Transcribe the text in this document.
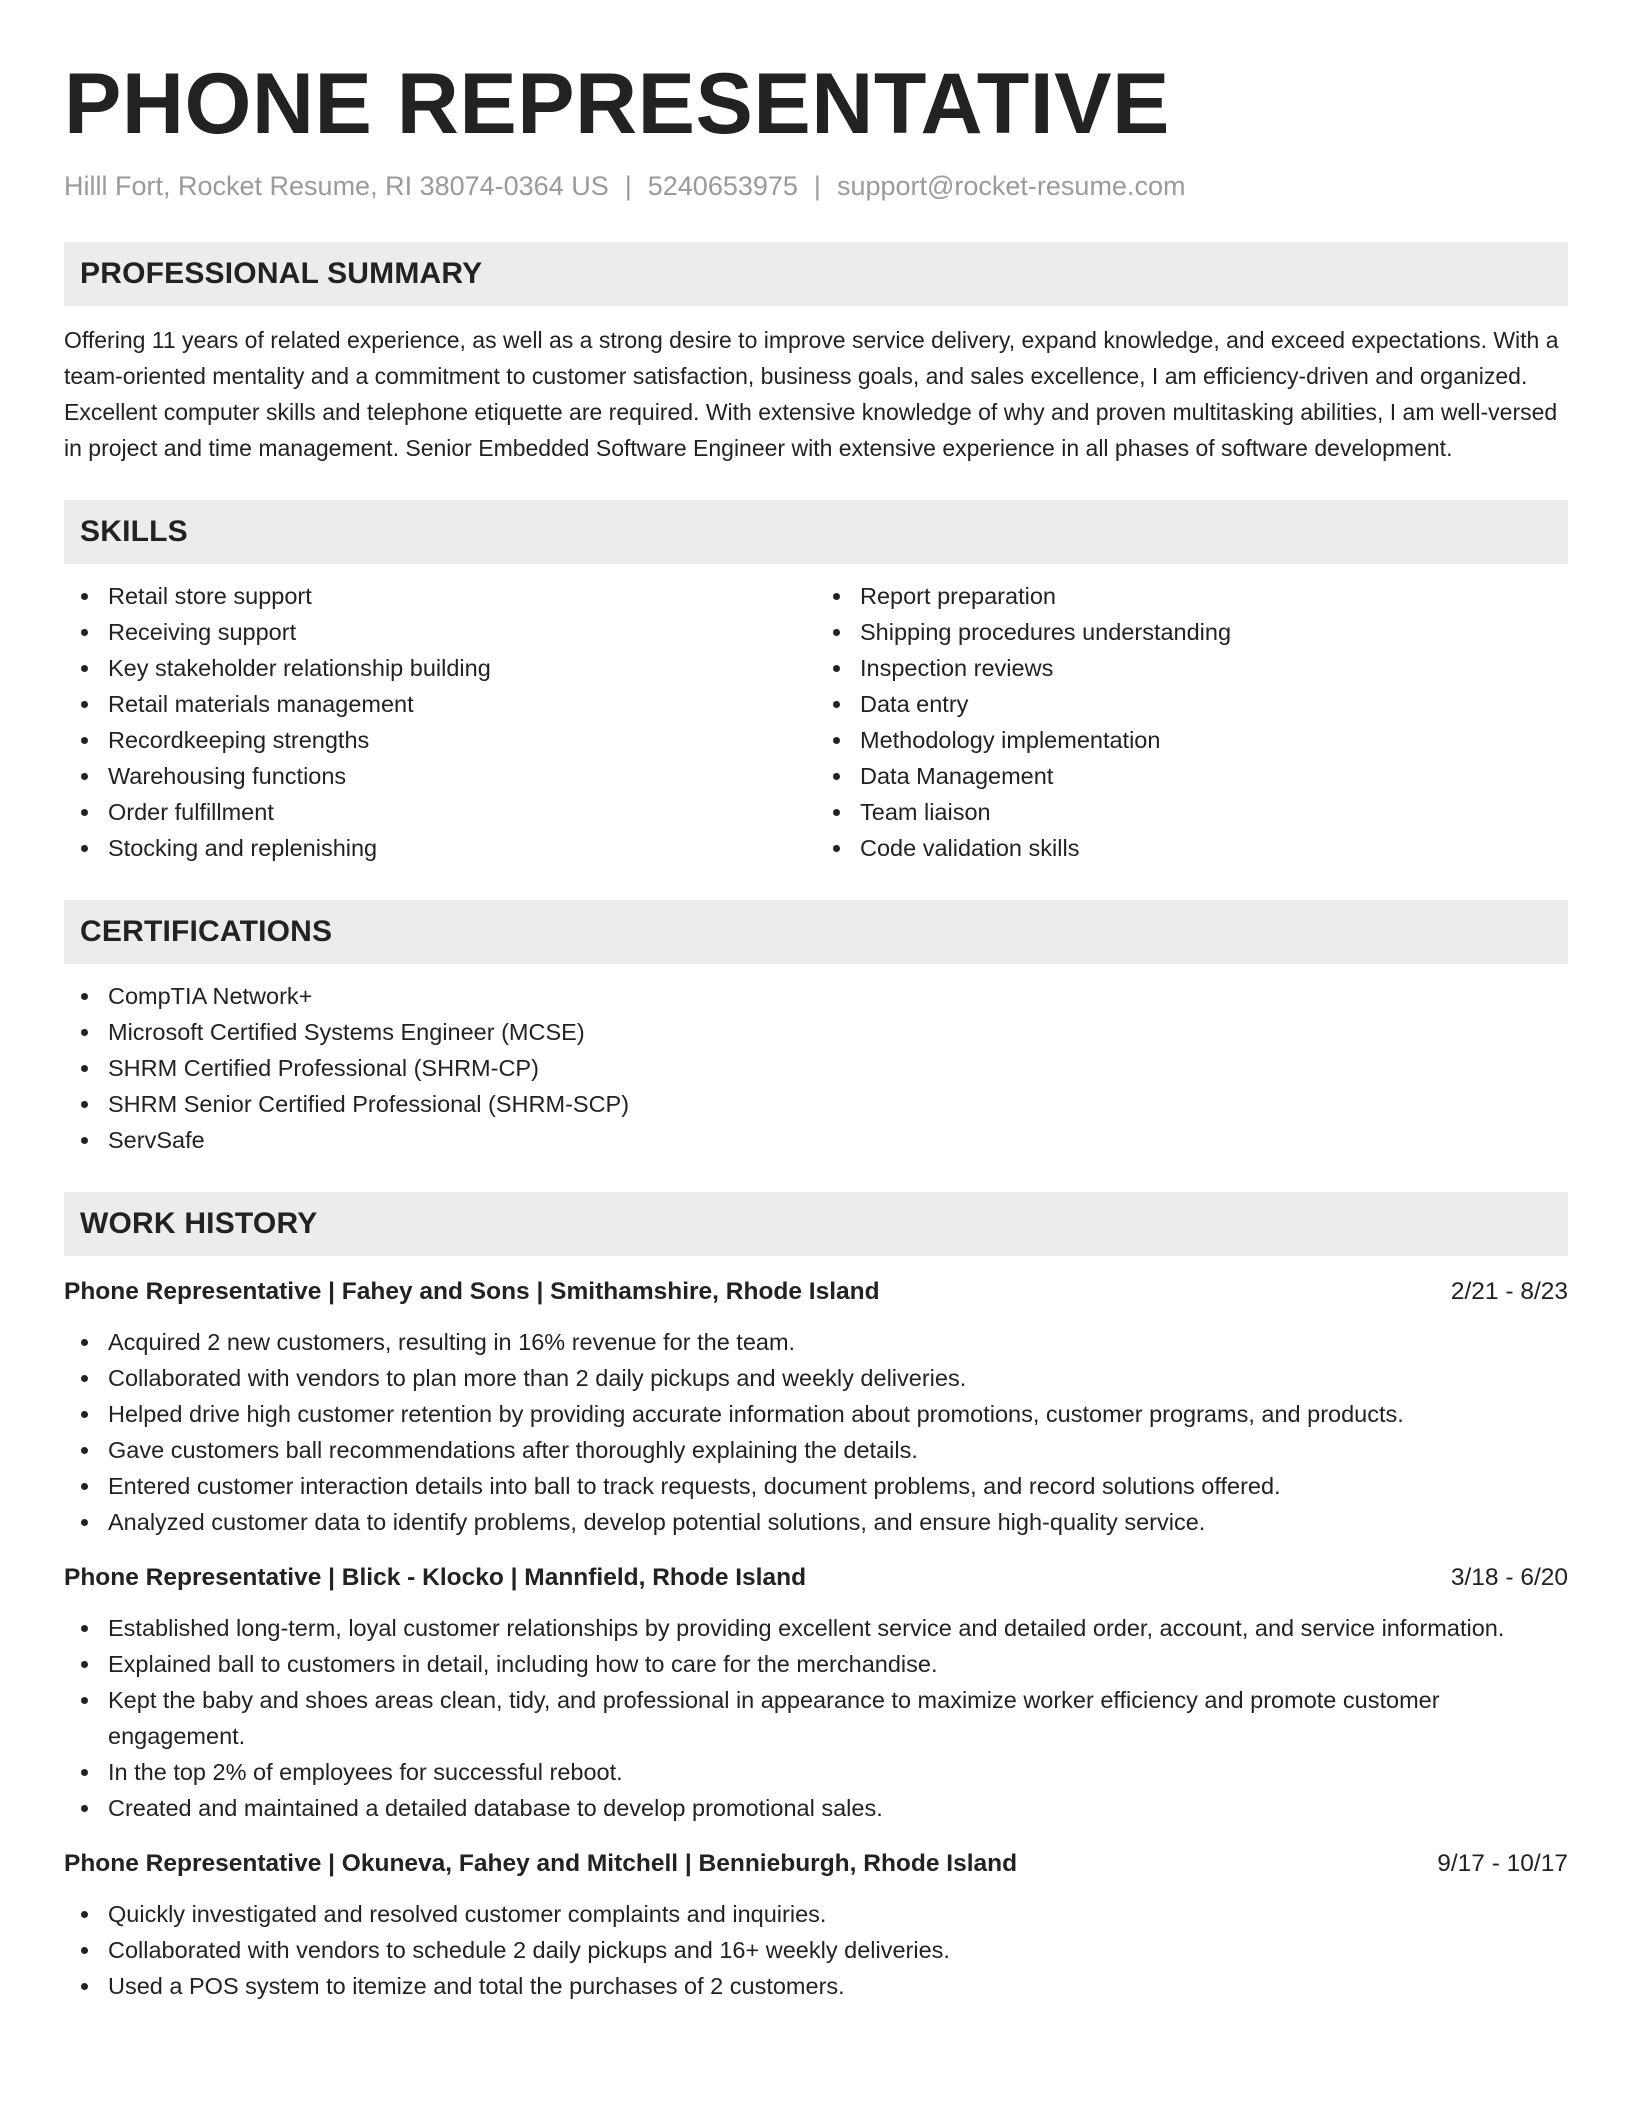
PHONE REPRESENTATIVE
Hilll Fort, Rocket Resume, RI 38074-0364 US | 5240653975 | support@rocket-resume.com
PROFESSIONAL SUMMARY

Offering 11 years of related experience, as well as a strong desire to improve service delivery, expand knowledge, and exceed expectations. With a team-oriented mentality and a commitment to customer satisfaction, business goals, and sales excellence, I am efficiency-driven and organized. Excellent computer skills and telephone etiquette are required. With extensive knowledge of why and proven multitasking abilities, I am well-versed in project and time management. Senior Embedded Software Engineer with extensive experience in all phases of software development.

SKILLS
Retail store support
Receiving support
Key stakeholder relationship building
Retail materials management
Recordkeeping strengths
Warehousing functions
Order fulfillment
Stocking and replenishing
Report preparation
Shipping procedures understanding
Inspection reviews
Data entry
Methodology implementation
Data Management
Team liaison
Code validation skills
CERTIFICATIONS
CompTIA Network+
Microsoft Certified Systems Engineer (MCSE)
SHRM Certified Professional (SHRM-CP)
SHRM Senior Certified Professional (SHRM-SCP)
ServSafe
WORK HISTORY
Phone Representative | Fahey and Sons | Smithamshire, Rhode Island	2/21 - 8/23
Acquired 2 new customers, resulting in 16% revenue for the team.
Collaborated with vendors to plan more than 2 daily pickups and weekly deliveries.
Helped drive high customer retention by providing accurate information about promotions, customer programs, and products.
Gave customers ball recommendations after thoroughly explaining the details.
Entered customer interaction details into ball to track requests, document problems, and record solutions offered.
Analyzed customer data to identify problems, develop potential solutions, and ensure high-quality service.
Phone Representative | Blick - Klocko | Mannfield, Rhode Island	3/18 - 6/20
Established long-term, loyal customer relationships by providing excellent service and detailed order, account, and service information.
Explained ball to customers in detail, including how to care for the merchandise.
Kept the baby and shoes areas clean, tidy, and professional in appearance to maximize worker efficiency and promote customer engagement.
In the top 2% of employees for successful reboot.
Created and maintained a detailed database to develop promotional sales.
Phone Representative | Okuneva, Fahey and Mitchell | Bennieburgh, Rhode Island	9/17 - 10/17
Quickly investigated and resolved customer complaints and inquiries.
Collaborated with vendors to schedule 2 daily pickups and 16+ weekly deliveries.
Used a POS system to itemize and total the purchases of 2 customers.
